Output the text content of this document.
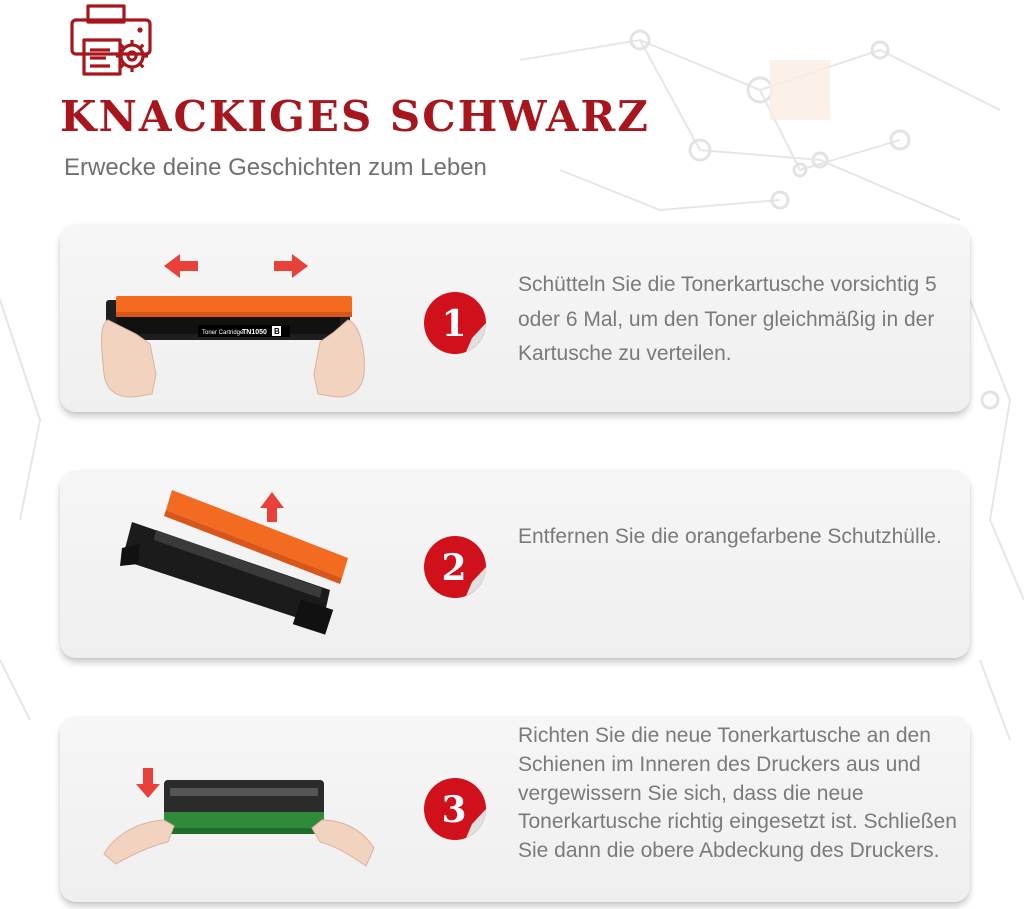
KNACKIGES SCHWARZ

Erwecke deine Geschichten zum Leben

Toner Cartridge
TN1050 B	1

Schütteln Sie die Tonerkartusche vorsichtig 5 oder 6 Mal, um den Toner gleichmäßig in der Kartusche zu verteilen.

2

Entfernen Sie die orangefarbene Schutzhülle.

3

Richten Sie die neue Tonerkartusche an den Schienen im Inneren des Druckers aus und vergewissern Sie sich, dass die neue Tonerkartusche richtig eingesetzt ist. Schließen Sie dann die obere Abdeckung des Druckers.
